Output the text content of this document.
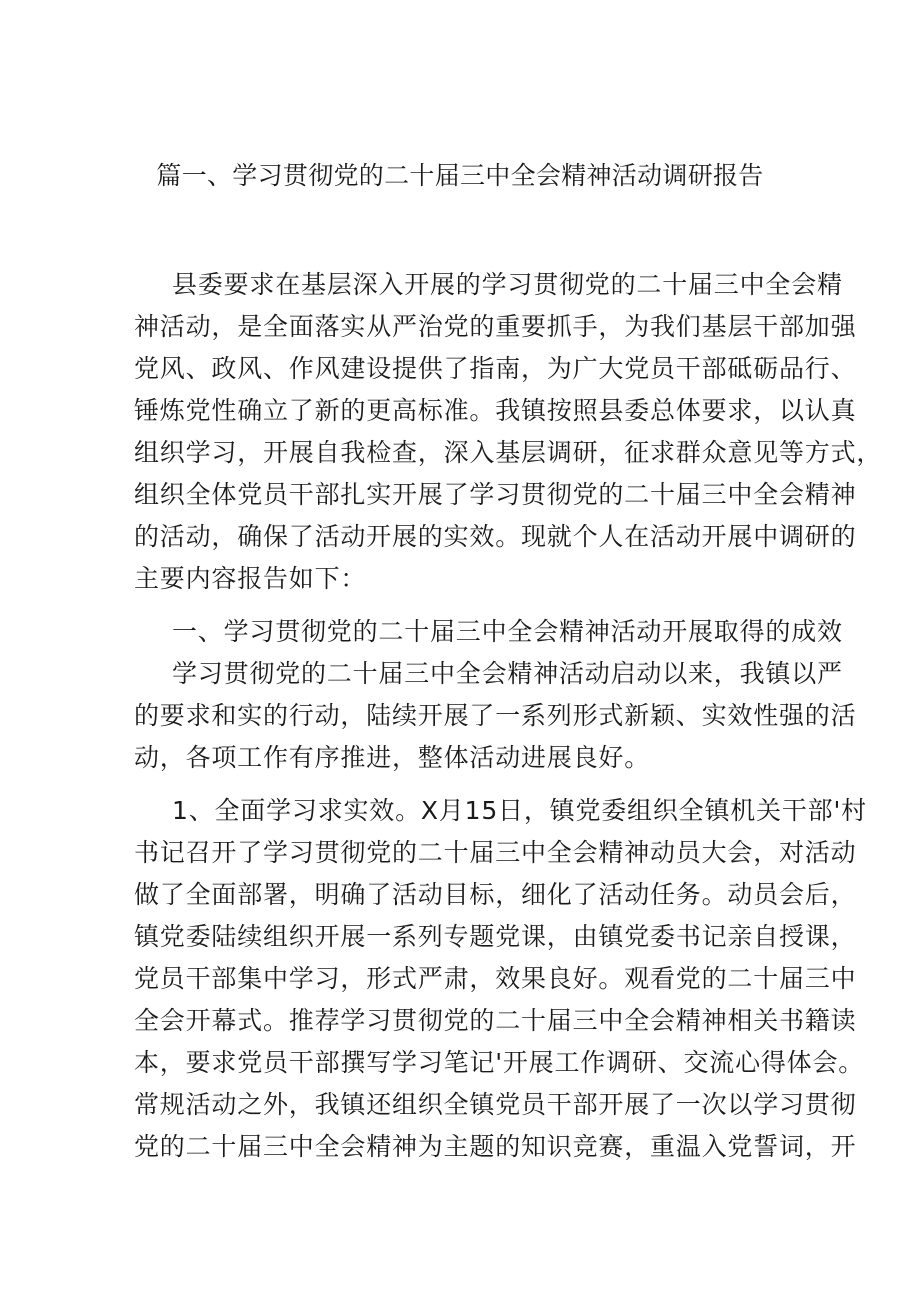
篇一、学习贯彻党的二十届三中全会精神活动调研报告
县委要求在基层深入开展的学习贯彻党的二十届三中全会精
神活动，是全面落实从严治党的重要抓手，为我们基层干部加强
党风、政风、作风建设提供了指南，为广大党员干部砥砺品行、
锤炼党性确立了新的更高标准。我镇按照县委总体要求，以认真
组织学习，开展自我检查，深入基层调研，征求群众意见等方式，
组织全体党员干部扎实开展了学习贯彻党的二十届三中全会精神
的活动，确保了活动开展的实效。现就个人在活动开展中调研的
主要内容报告如下：
一、学习贯彻党的二十届三中全会精神活动开展取得的成效
学习贯彻党的二十届三中全会精神活动启动以来，我镇以严
的要求和实的行动，陆续开展了一系列形式新颖、实效性强的活
动，各项工作有序推进，整体活动进展良好。
1、全面学习求实效。X月15日，镇党委组织全镇机关干部'村
书记召开了学习贯彻党的二十届三中全会精神动员大会，对活动
做了全面部署，明确了活动目标，细化了活动任务。动员会后，
镇党委陆续组织开展一系列专题党课，由镇党委书记亲自授课，
党员干部集中学习，形式严肃，效果良好。观看党的二十届三中
全会开幕式。推荐学习贯彻党的二十届三中全会精神相关书籍读
本，要求党员干部撰写学习笔记'开展工作调研、交流心得体会。
常规活动之外，我镇还组织全镇党员干部开展了一次以学习贯彻
党的二十届三中全会精神为主题的知识竞赛，重温入党誓词，开
